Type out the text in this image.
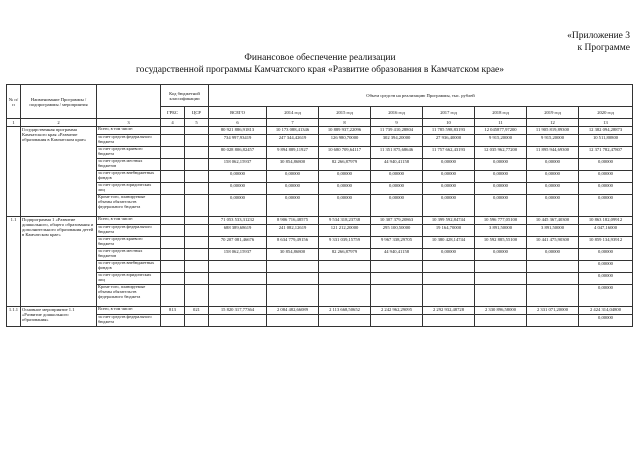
«Приложение 3
к Программе
Финансовое обеспечение реализации
государственной программы Камчатского края «Развитие образования в Камчатском крае»
№ п/п	Наименование Программы / подпрограммы / мероприятия		Код бюджетной классификации		Объем средств на реализацию Программы, тыс. рублей							
			ГРБС	ЦСР	ВСЕГО	2014 год	2015 год	2016 год	2017 год	2018 год	2019 год	2020 год
1	2	3	4	5	6	7	8	9	10	11	12	13
	Государственная программа Камчатского края «Развитие образования в Камчатском крае»	Всего, в том числе:			80 921 886,91813	10 173 088,41346	10 889 937,22096	11 739 410,28804	11 785 598,83193	12 045877,97200	11 905 819,89300	12 382 094,28873
		за счет средств федерального бюджета			734 997,93419	247 344,42619	126 980,70000	302 394,20000	27 936,40000	9 915,20000	9 915,20000	10 511,80800
		за счет средств краевого бюджета			80 028 806,82457	9 894 889,11927	10 680 709,64117	11 351 875,68646	11 757 662,43193	12 035 962,77200	11 895 944,69300	12 371 782,47807
		за счет средств местных бюджетов			158 062,15937	30 854,86800	82 266,87979	44 940,41158	0,00000	0,00000	0,00000	0,00000
		за счет средств внебюджетных фондов			0,00000	0,00000	0,00000	0,00000	0,00000	0,00000	0,00000	0,00000
		за счет средств юридических лиц			0,00000	0,00000	0,00000	0,00000	0,00000	0,00000	0,00000	0,00000
		Кроме того, планируемые объемы обязательств федерального бюджета			0,00000	0,00000	0,00000	0,00000	0,00000	0,00000	0,00000	0,00000
1.1	Подпрограмма 1 «Развитие дошкольного, общего образования и дополнительного образования детей в Камчатском крае»	Всего, в том числе:			71 053 533,31232	8 906 716,48575	9 534 318,23738	10 307 379,20863	10 399 592,84744	10 596 777,05100	10 445 367,40300	10 863 182,09912
		за счет средств федерального бюджета			688 389,68619	241 082,12619	121 212,20000	295 100,50000	19 164,70000	3 891,50000	3 891,50000	4 047,16000
		за счет средств краевого бюджета			70 207 081,46676	8 634 779,49156	9 331 039,15759	9 967 338,29705	10 380 428,14744	10 592 885,55100	10 441 475,90300	10 859 134,93912
		за счет средств местных бюджетов			158 062,15937	30 854,86800	82 266,87979	44 940,41158	0,00000	0,00000	0,00000	0,00000
		за счет средств внебюджетных фондов										0,00000
		за счет средств юридических лиц										0,00000
		Кроме того, планируемые объемы обязательств федерального бюджета										0,00000
1.1.1	Основное мероприятие 1.1 «Развитие дошкольного образования»	Всего, в том числе:	813	021	15 820 317,77364	2 084 482,66089	2 113 668,50652	2 242 962,29095	2 292 932,48728	2 330 896,58000	2 331 071,20000	2 424 314,04800
		за счет средств федерального бюджета										0,00000
